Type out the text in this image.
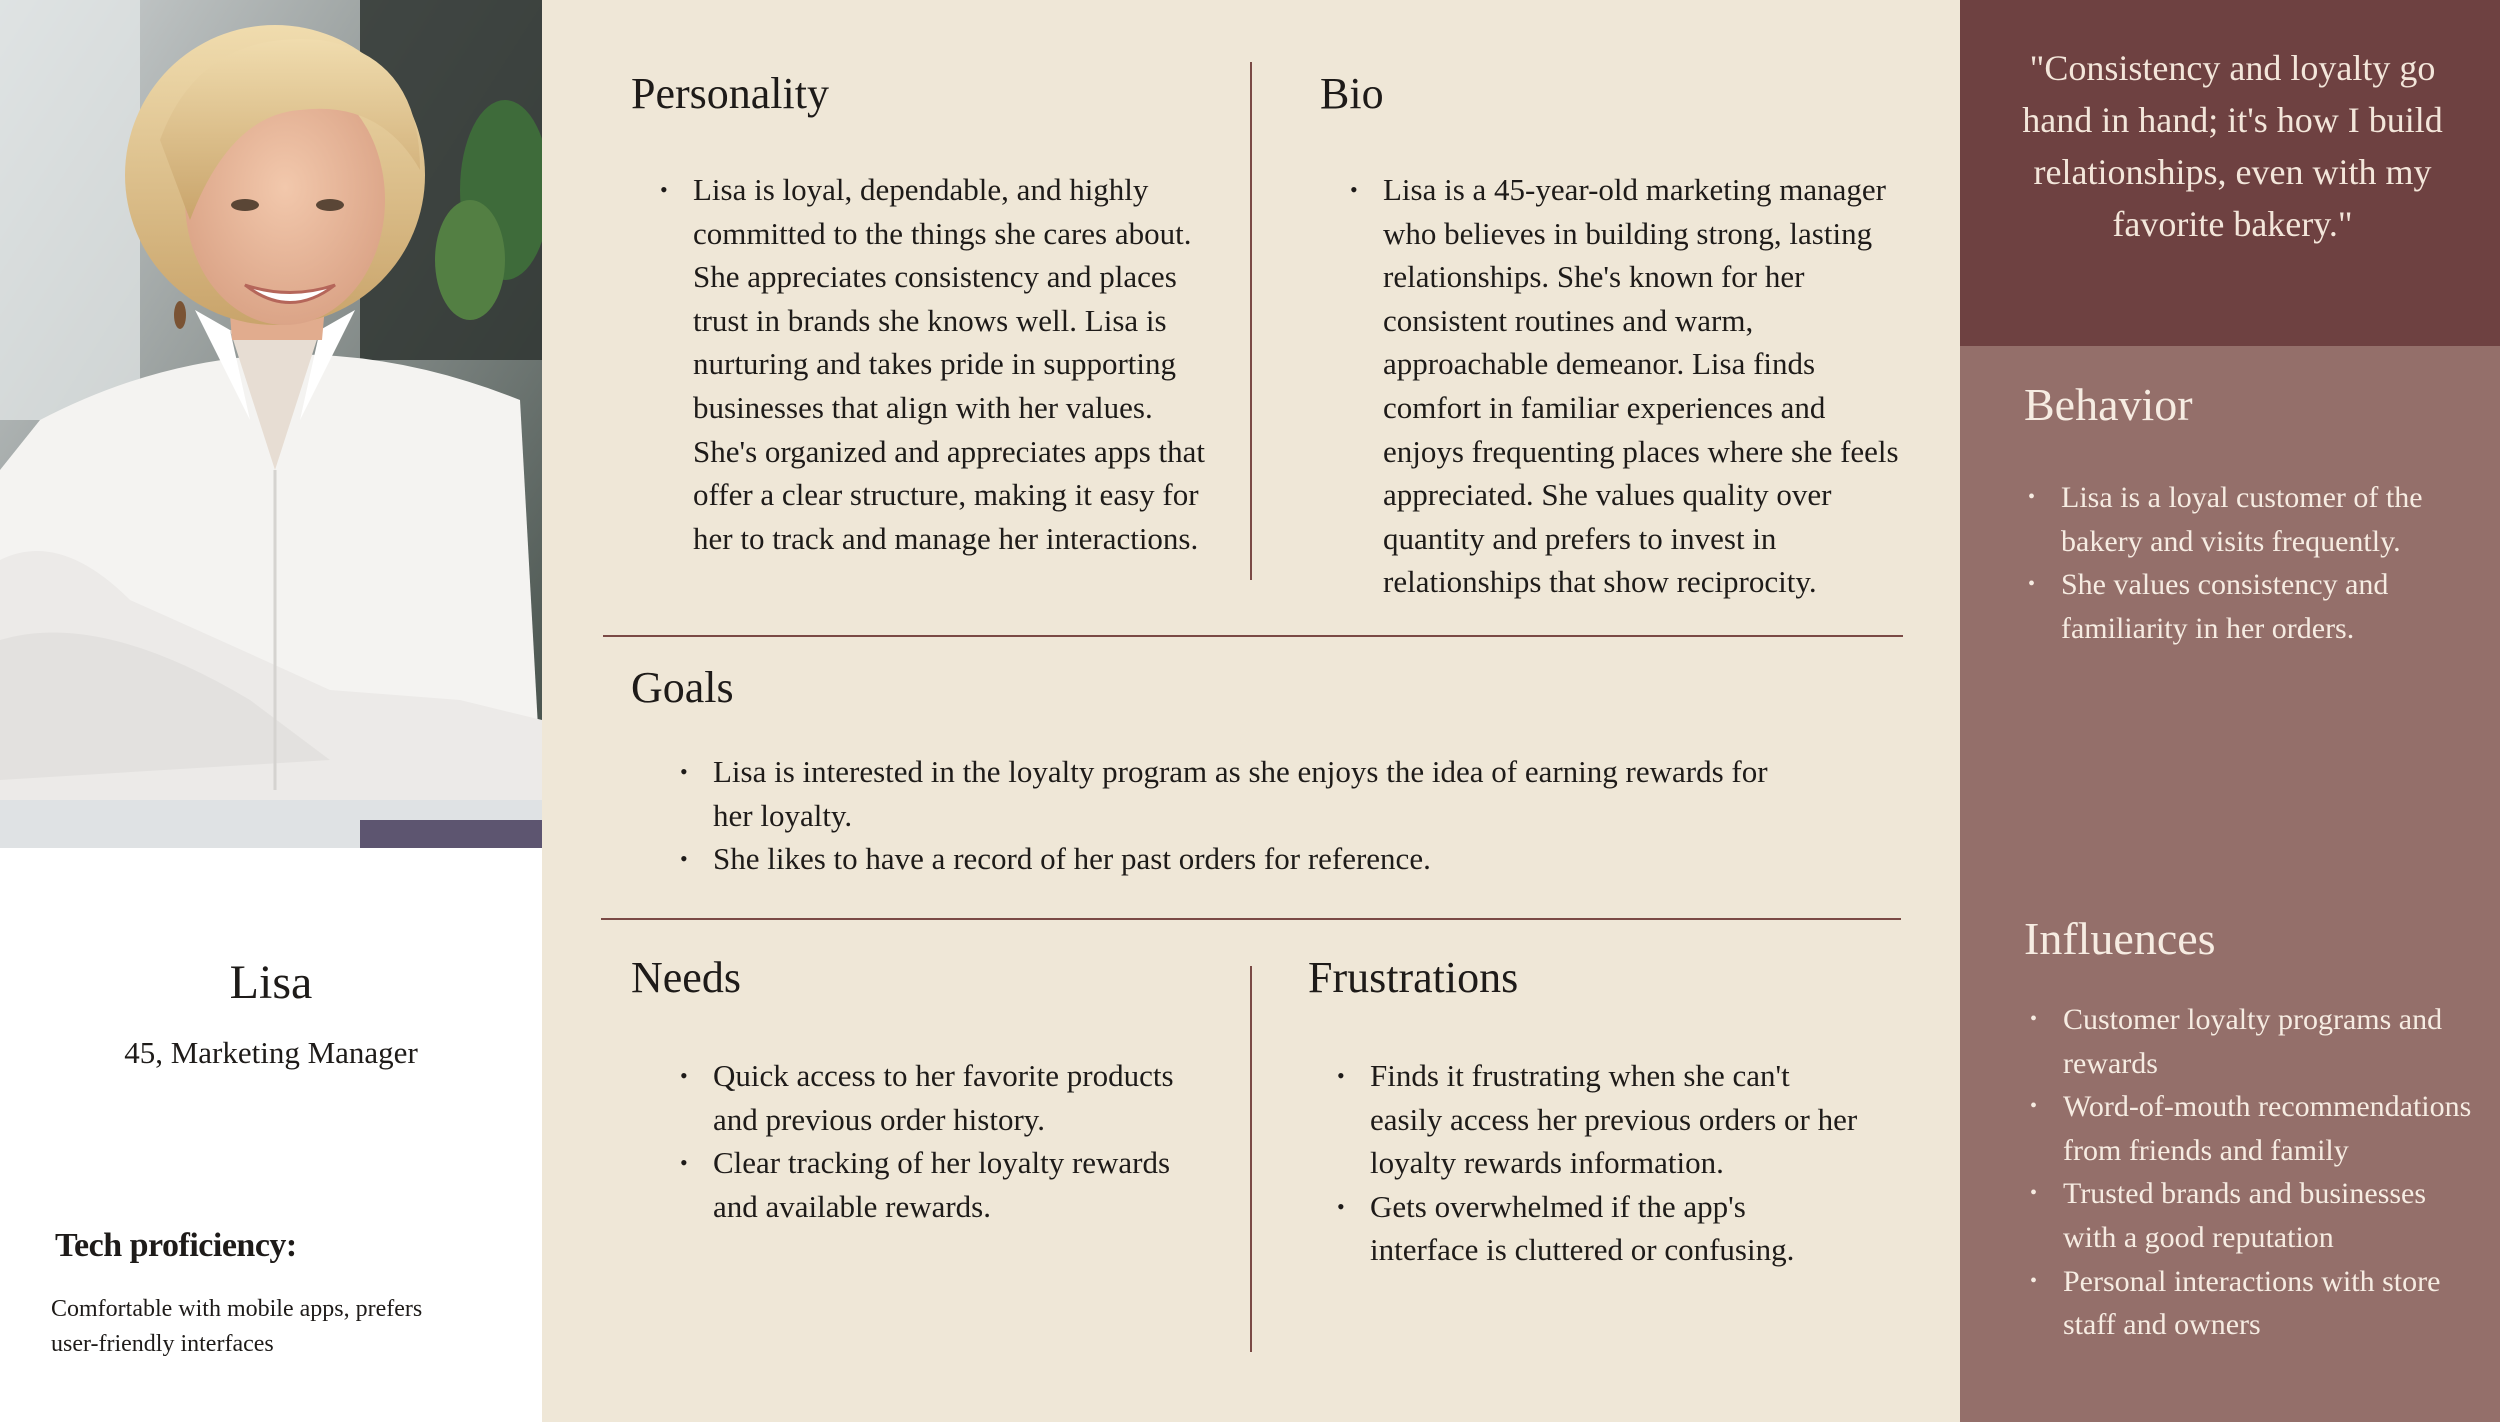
Lisa
45, Marketing Manager
Tech proficiency:
Comfortable with mobile apps, prefers user-friendly interfaces
Personality
• Lisa is loyal, dependable, and highly committed to the things she cares about. She appreciates consistency and places trust in brands she knows well. Lisa is nurturing and takes pride in supporting businesses that align with her values. She's organized and appreciates apps that offer a clear structure, making it easy for her to track and manage her interactions.
Bio
• Lisa is a 45-year-old marketing manager who believes in building strong, lasting relationships. She's known for her consistent routines and warm, approachable demeanor. Lisa finds comfort in familiar experiences and enjoys frequenting places where she feels appreciated. She values quality over quantity and prefers to invest in relationships that show reciprocity.
Goals
• Lisa is interested in the loyalty program as she enjoys the idea of earning rewards for her loyalty.
• She likes to have a record of her past orders for reference.
Needs
• Quick access to her favorite products and previous order history.
• Clear tracking of her loyalty rewards and available rewards.
Frustrations
• Finds it frustrating when she can't easily access her previous orders or her loyalty rewards information.
• Gets overwhelmed if the app's interface is cluttered or confusing.
"Consistency and loyalty go hand in hand; it's how I build relationships, even with my favorite bakery."
Behavior
• Lisa is a loyal customer of the bakery and visits frequently.
• She values consistency and familiarity in her orders.
Influences
• Customer loyalty programs and rewards
• Word-of-mouth recommendations from friends and family
• Trusted brands and businesses with a good reputation
• Personal interactions with store staff and owners
